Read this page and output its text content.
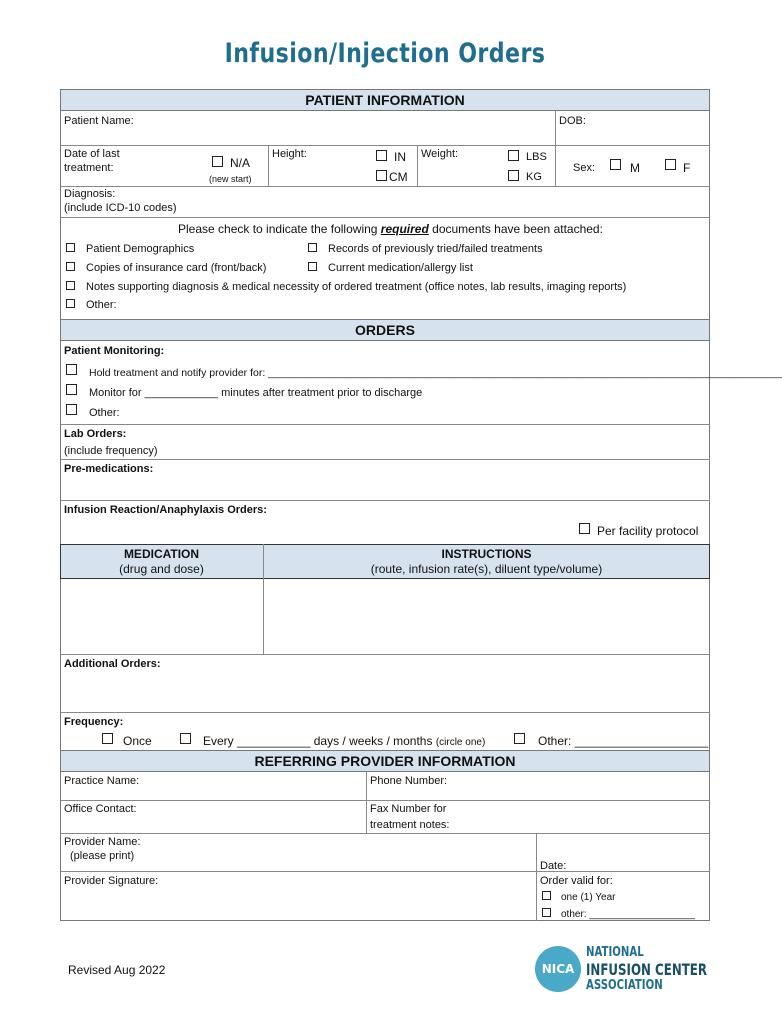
Infusion/Injection Orders
PATIENT INFORMATION
Patient Name:	DOB:
Date of last
treatment:	N/A
(new start)
Height:	IN
CM
Weight:	LBS
KG
Sex:	M	F
Diagnosis:
(include ICD-10 codes)
Please check to indicate the following required documents have been attached:
Patient Demographics	Records of previously tried/failed treatments
Copies of insurance card (front/back)	Current medication/allergy list
Notes supporting diagnosis & medical necessity of ordered treatment (office notes, lab results, imaging reports)
Other:
ORDERS
Patient Monitoring:
Hold treatment and notify provider for: ________________________________________________________________________________________
Monitor for ____________ minutes after treatment prior to discharge
Other:
Lab Orders:
(include frequency)
Pre-medications:
Infusion Reaction/Anaphylaxis Orders:
Per facility protocol
MEDICATION
(drug and dose)
INSTRUCTIONS
(route, infusion rate(s), diluent type/volume)
Additional Orders:
Frequency:
Once	Every ___________ days / weeks / months (circle one)	Other: ____________________
REFERRING PROVIDER INFORMATION
Practice Name:	Phone Number:
Office Contact:	Fax Number for
treatment notes:
Provider Name:
(please print)
Date:
Provider Signature:	Order valid for:
one (1) Year
other: ___________________
Revised Aug 2022	NICA
NATIONAL
INFUSION CENTER
ASSOCIATION
